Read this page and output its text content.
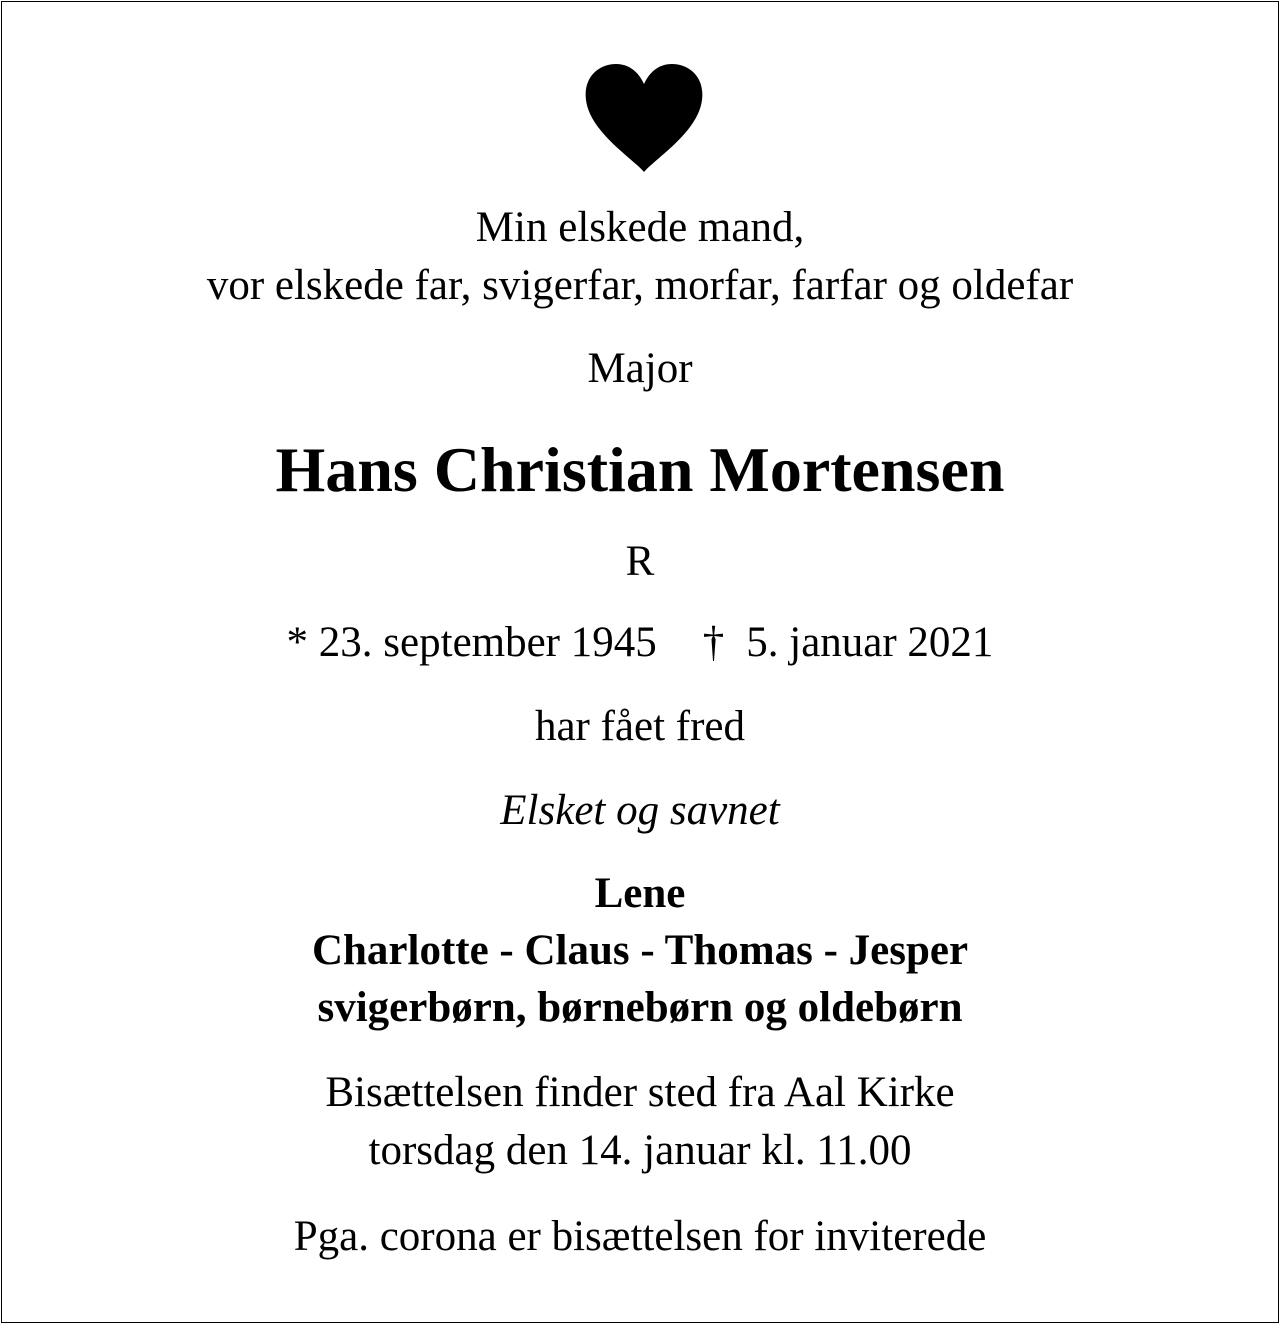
Min elskede mand,
vor elskede far, svigerfar, morfar, farfar og oldefar
Major
Hans Christian Mortensen
R
* 23. september 1945 † 5. januar 2021
har fået fred
Elsket og savnet
Lene
Charlotte - Claus - Thomas - Jesper
svigerbørn, børnebørn og oldebørn
Bisættelsen finder sted fra Aal Kirke
torsdag den 14. januar kl. 11.00
Pga. corona er bisættelsen for inviterede
